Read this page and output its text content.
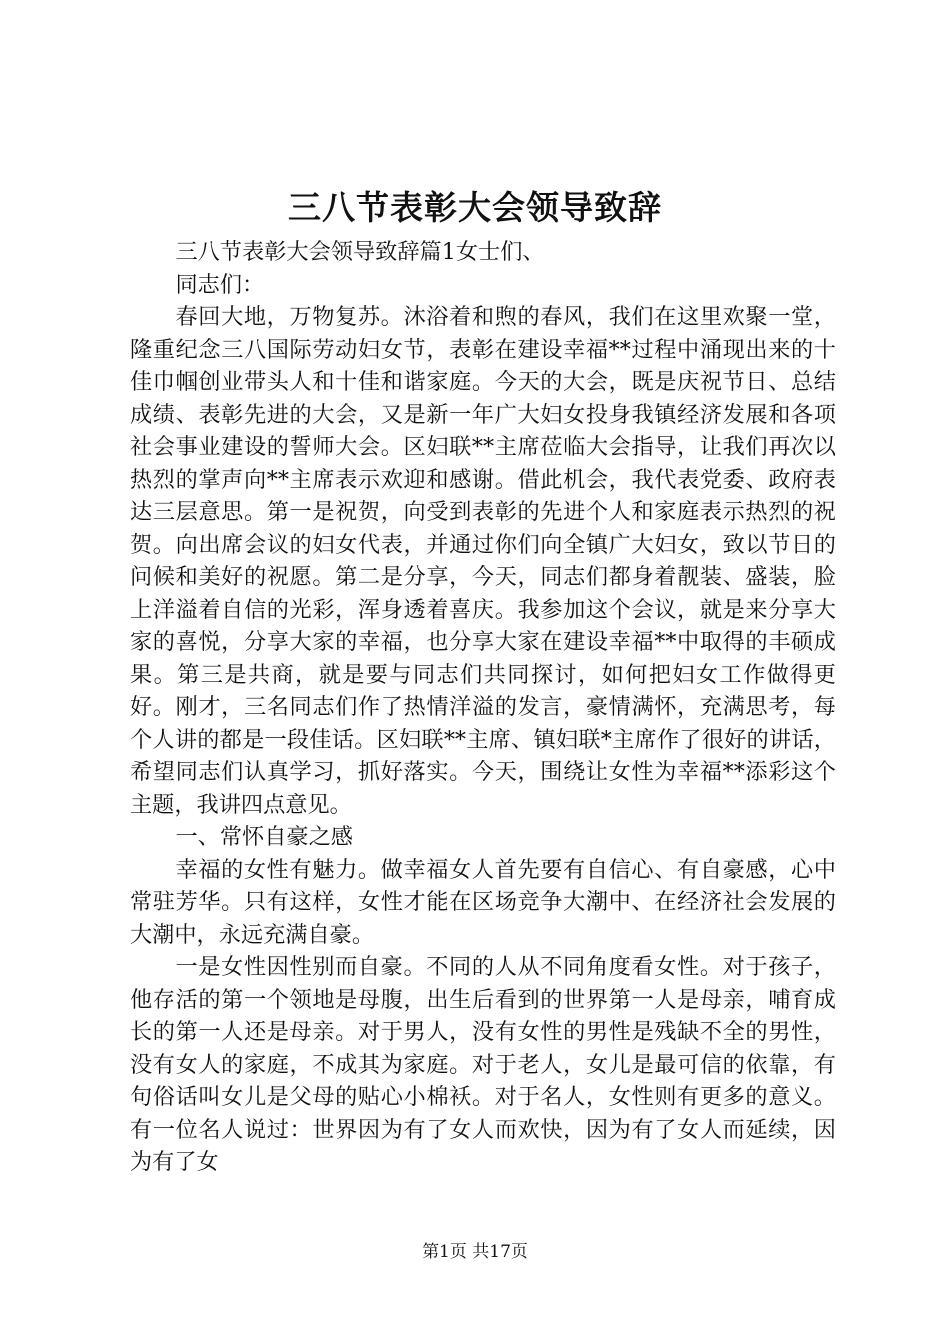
三八节表彰大会领导致辞

三八节表彰大会领导致辞篇1女士们、

同志们：

春回大地，万物复苏。沐浴着和煦的春风，我们在这里欢聚一堂，隆重纪念三八国际劳动妇女节，表彰在建设幸福**过程中涌现出来的十佳巾帼创业带头人和十佳和谐家庭。今天的大会，既是庆祝节日、总结成绩、表彰先进的大会，又是新一年广大妇女投身我镇经济发展和各项社会事业建设的誓师大会。区妇联**主席莅临大会指导，让我们再次以热烈的掌声向**主席表示欢迎和感谢。借此机会，我代表党委、政府表达三层意思。第一是祝贺，向受到表彰的先进个人和家庭表示热烈的祝贺。向出席会议的妇女代表，并通过你们向全镇广大妇女，致以节日的问候和美好的祝愿。第二是分享，今天，同志们都身着靓装、盛装，脸上洋溢着自信的光彩，浑身透着喜庆。我参加这个会议，就是来分享大家的喜悦，分享大家的幸福，也分享大家在建设幸福**中取得的丰硕成果。第三是共商，就是要与同志们共同探讨，如何把妇女工作做得更好。刚才，三名同志们作了热情洋溢的发言，豪情满怀，充满思考，每个人讲的都是一段佳话。区妇联**主席、镇妇联*主席作了很好的讲话，希望同志们认真学习，抓好落实。今天，围绕让女性为幸福**添彩这个主题，我讲四点意见。

一、常怀自豪之感

幸福的女性有魅力。做幸福女人首先要有自信心、有自豪感，心中常驻芳华。只有这样，女性才能在区场竞争大潮中、在经济社会发展的大潮中，永远充满自豪。

一是女性因性别而自豪。不同的人从不同角度看女性。对于孩子，他存活的第一个领地是母腹，出生后看到的世界第一人是母亲，哺育成长的第一人还是母亲。对于男人，没有女性的男性是残缺不全的男性，没有女人的家庭，不成其为家庭。对于老人，女儿是最可信的依靠，有句俗话叫女儿是父母的贴心小棉袄。对于名人，女性则有更多的意义。有一位名人说过：世界因为有了女人而欢快，因为有了女人而延续，因为有了女

第1页 共17页
